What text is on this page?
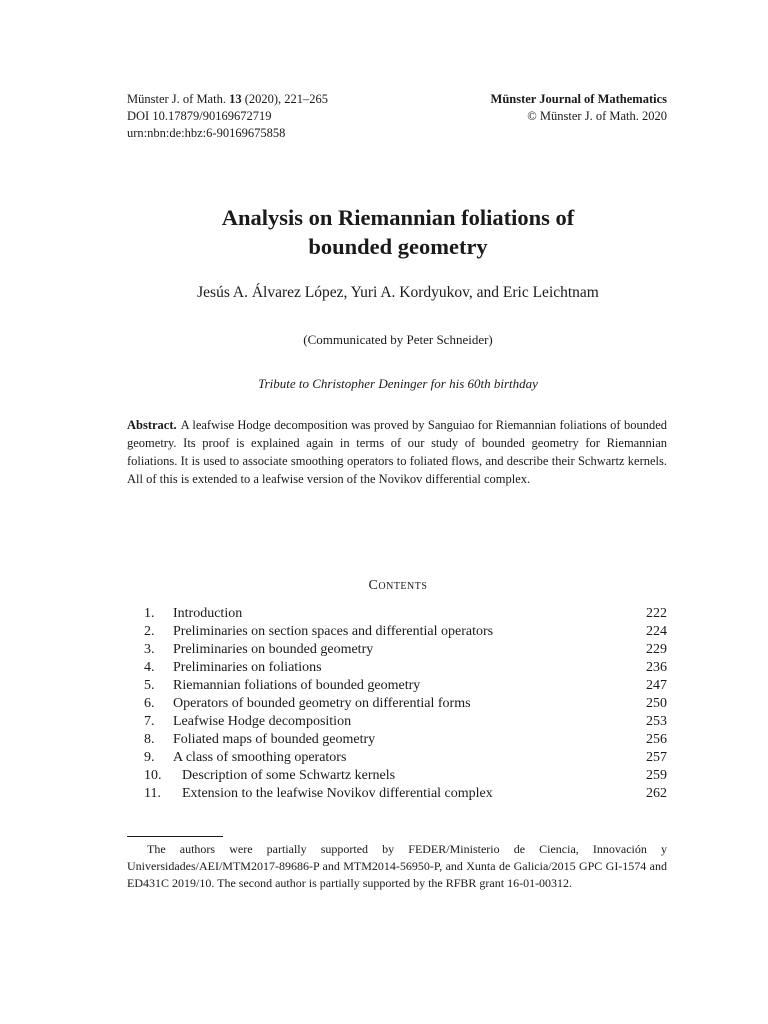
Münster J. of Math. 13 (2020), 221–265
DOI 10.17879/90169672719
urn:nbn:de:hbz:6-90169675858
Münster Journal of Mathematics
© Münster J. of Math. 2020
Analysis on Riemannian foliations of
bounded geometry
Jesús A. Álvarez López, Yuri A. Kordyukov, and Eric Leichtnam
(Communicated by Peter Schneider)
Tribute to Christopher Deninger for his 60th birthday
Abstract. A leafwise Hodge decomposition was proved by Sanguiao for Riemannian foliations of bounded geometry. Its proof is explained again in terms of our study of bounded geometry for Riemannian foliations. It is used to associate smoothing operators to foliated flows, and describe their Schwartz kernels. All of this is extended to a leafwise version of the Novikov differential complex.
Contents
1.	Introduction	222
2.	Preliminaries on section spaces and differential operators	224
3.	Preliminaries on bounded geometry	229
4.	Preliminaries on foliations	236
5.	Riemannian foliations of bounded geometry	247
6.	Operators of bounded geometry on differential forms	250
7.	Leafwise Hodge decomposition	253
8.	Foliated maps of bounded geometry	256
9.	A class of smoothing operators	257
10.	Description of some Schwartz kernels	259
11.	Extension to the leafwise Novikov differential complex	262
The authors were partially supported by FEDER/Ministerio de Ciencia, Innovación y Universidades/AEI/MTM2017-89686-P and MTM2014-56950-P, and Xunta de Galicia/2015 GPC GI-1574 and ED431C 2019/10. The second author is partially supported by the RFBR grant 16-01-00312.
